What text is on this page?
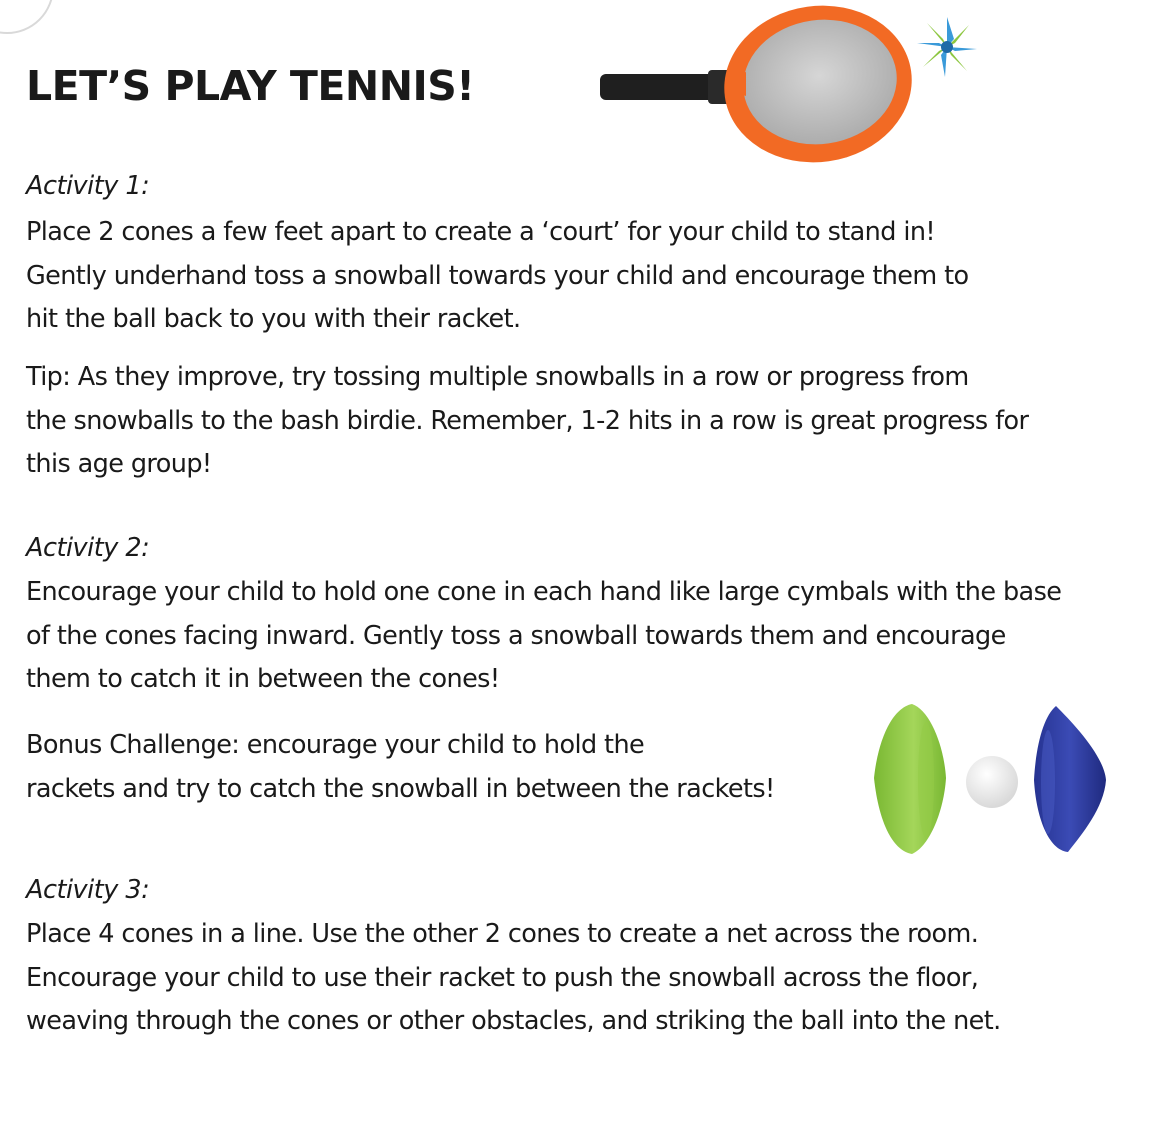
LET’S PLAY TENNIS!
Activity 1:

Place 2 cones a few feet apart to create a ‘court’ for your child to stand in!
Gently underhand toss a snowball towards your child and encourage them to
hit the ball back to you with their racket.

Tip: As they improve, try tossing multiple snowballs in a row or progress from
the snowballs to the bash birdie. Remember, 1-2 hits in a row is great progress for
this age group!

Activity 2:

Encourage your child to hold one cone in each hand like large cymbals with the base
of the cones facing inward. Gently toss a snowball towards them and encourage
them to catch it in between the cones!

Bonus Challenge: encourage your child to hold the
rackets and try to catch the snowball in between the rackets!

Activity 3:

Place 4 cones in a line. Use the other 2 cones to create a net across the room.
Encourage your child to use their racket to push the snowball across the floor,
weaving through the cones or other obstacles, and striking the ball into the net.
